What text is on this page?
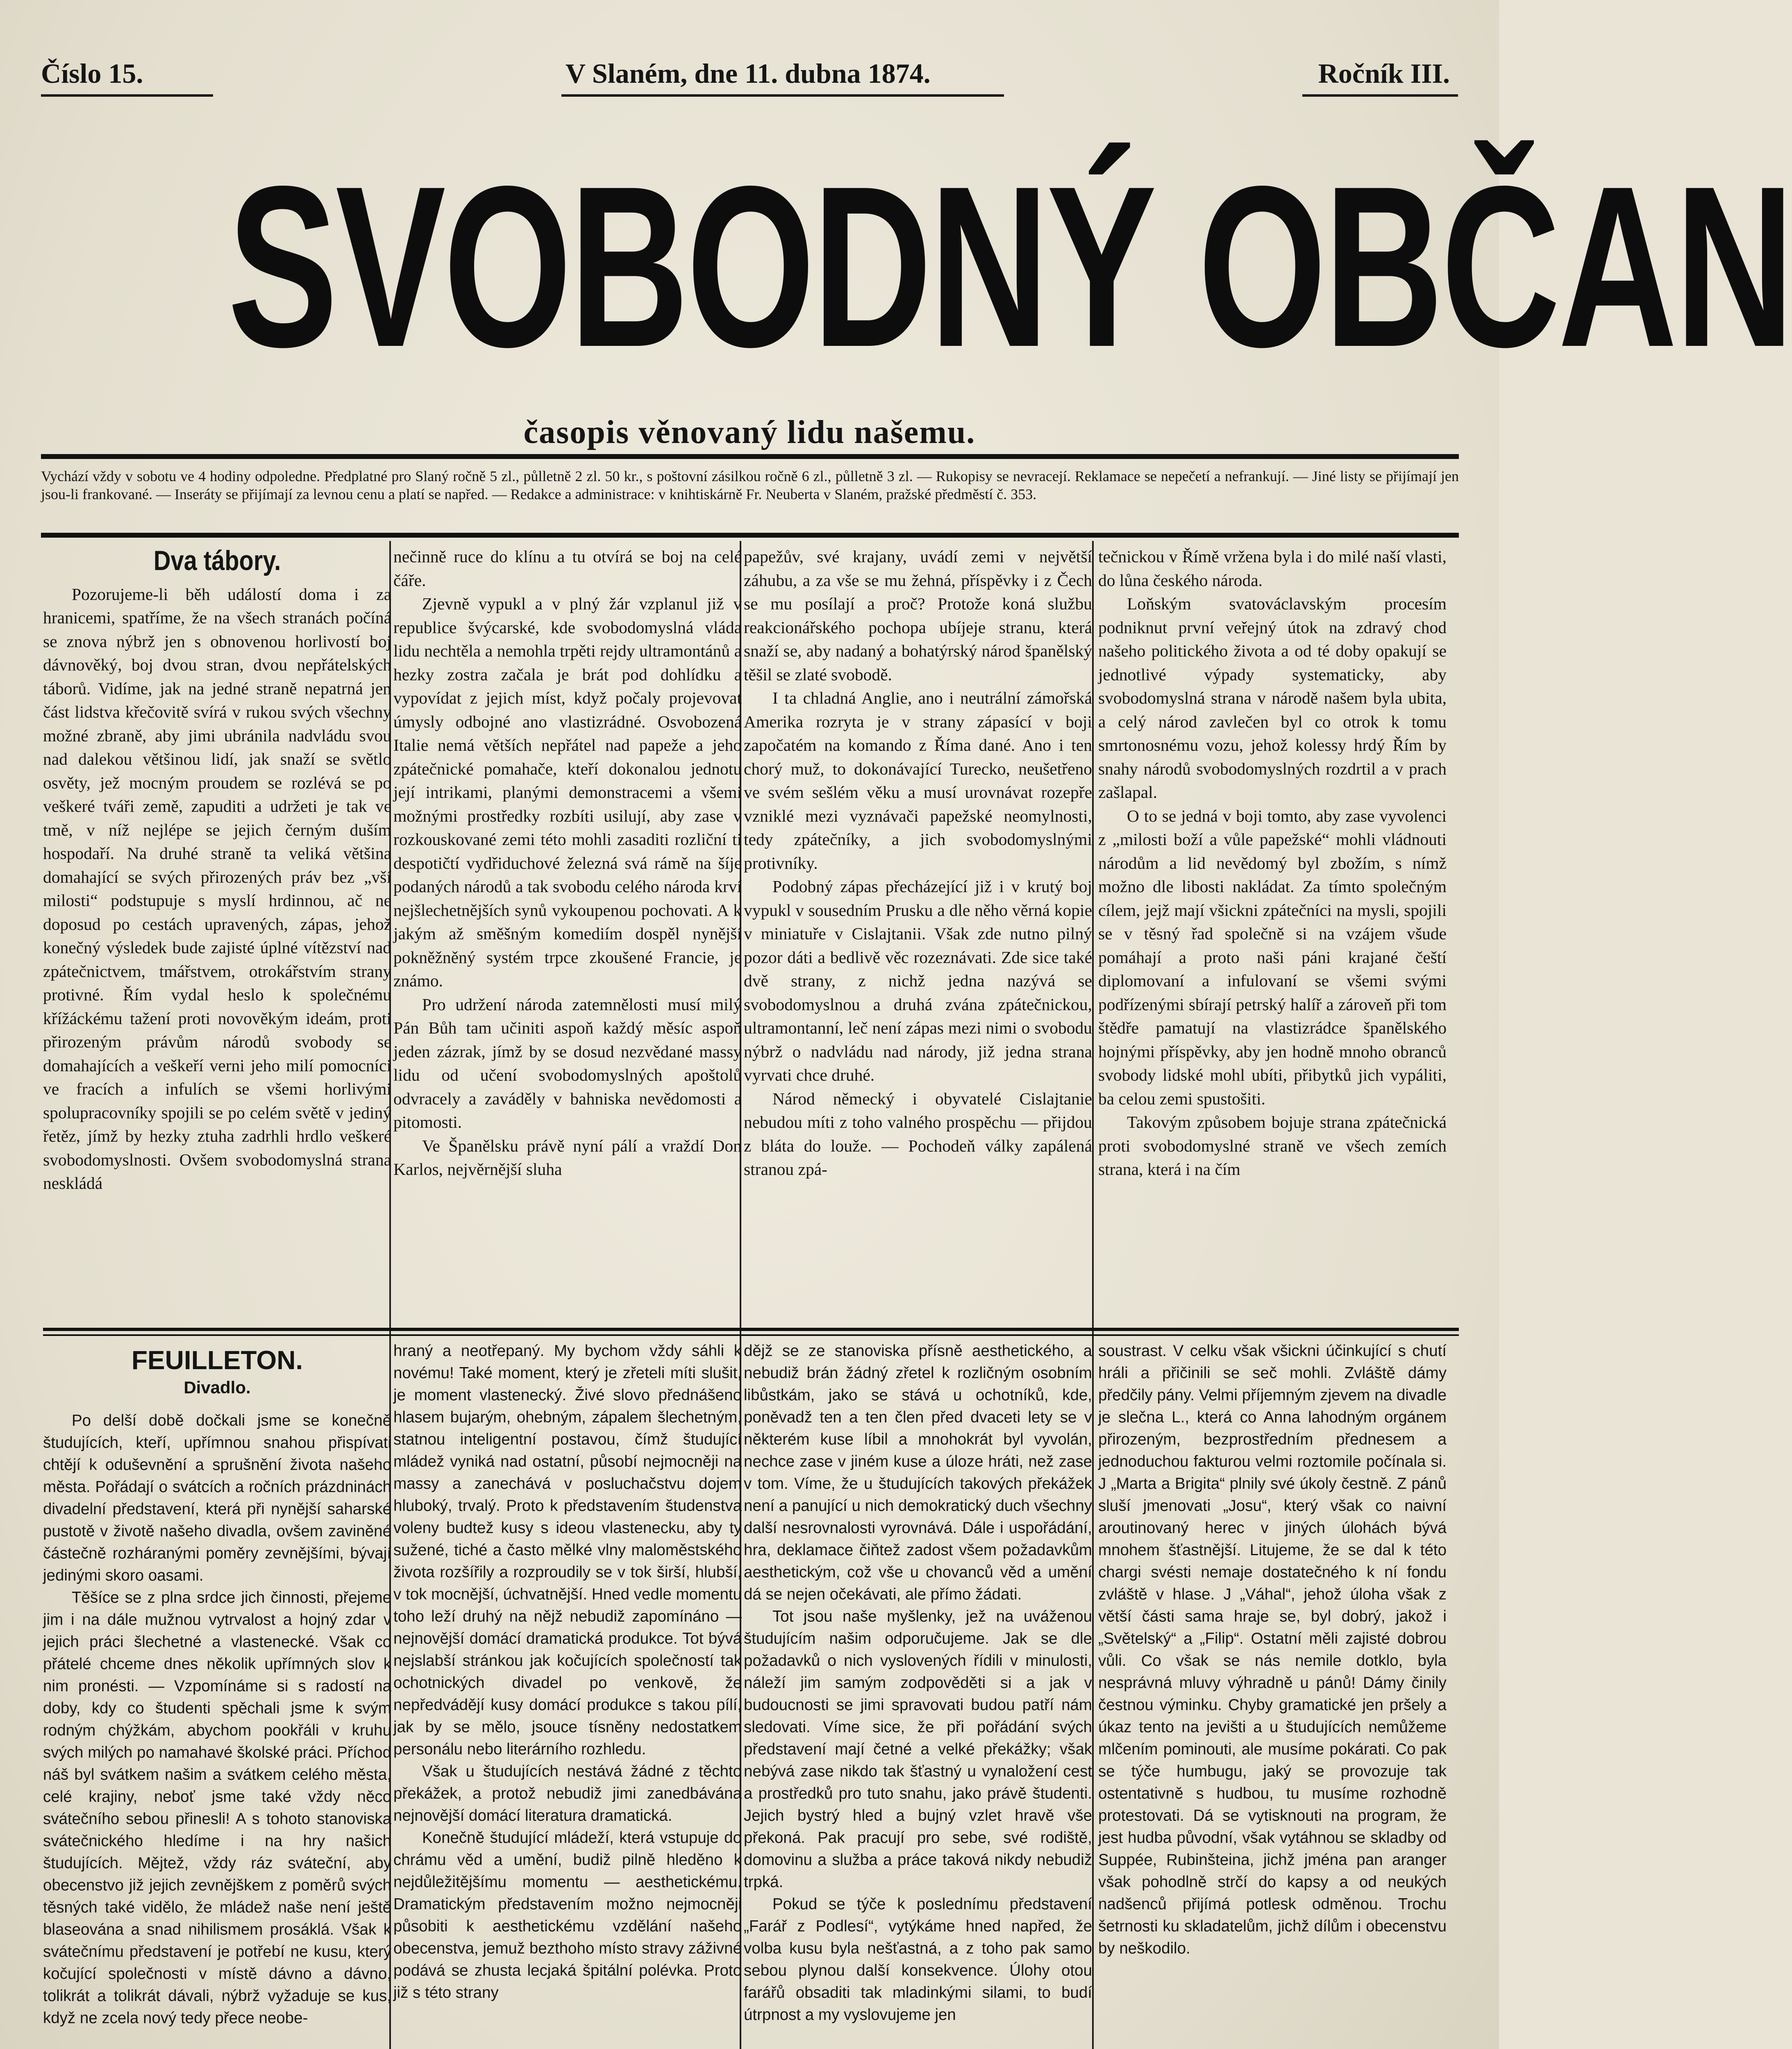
Číslo 15.	V Slaném, dne 11. dubna 1874.	Ročník III.
SVOBODNÝ OBČAN
časopis věnovaný lidu našemu.
Vychází vždy v sobotu ve 4 hodiny odpoledne. Předplatné pro Slaný ročně 5 zl., půlletně 2 zl. 50 kr., s poštovní zásilkou ročně 6 zl., půlletně 3 zl. — Rukopisy se nevracejí. Reklamace se nepečetí a nefrankují. — Jiné listy se přijímají jen jsou-li frankované. — Inseráty se přijímají za levnou cenu a platí se napřed. — Redakce a administrace: v knihtiskárně Fr. Neuberta v Slaném, pražské předměstí č. 353.
Dva tábory.

Pozorujeme-li běh událostí doma i za hranicemi, spatříme, že na všech stranách počíná se znova nýbrž jen s obnovenou horlivostí boj dávnověký, boj dvou stran, dvou nepřátelských táborů. Vidíme, jak na jedné straně nepatrná jen část lidstva křečovitě svírá v rukou svých všechny možné zbraně, aby jimi ubránila nadvládu svou nad dalekou většinou lidí, jak snaží se světlo osvěty, jež mocným proudem se rozlévá se po veškeré tváři země, zapuditi a udržeti je tak ve tmě, v níž nejlépe se jejich černým duším hospodaří. Na druhé straně ta veliká většina domahající se svých přirozených práv bez „vší milosti“ podstupuje s myslí hrdinnou, ač ne doposud po cestách upravených, zápas, jehož konečný výsledek bude zajisté úplné vítězství nad zpátečnictvem, tmářstvem, otrokářstvím strany protivné. Řím vydal heslo k společnému křížáckému tažení proti novověkým ideám, proti přirozeným právům národů svobody se domahajících a veškeří verni jeho milí pomocníci ve fracích a infulích se všemi horlivými spolupracovníky spojili se po celém světě v jediný řetěz, jímž by hezky ztuha zadrhli hrdlo veškeré svobodomyslnosti. Ovšem svobodomyslná strana neskládá

nečinně ruce do klínu a tu otvírá se boj na celé čáře.

Zjevně vypukl a v plný žár vzplanul již v republice švýcarské, kde svobodomyslná vláda lidu nechtěla a nemohla trpěti rejdy ultramontánů a hezky zostra začala je brát pod dohlídku a vypovídat z jejich míst, když počaly projevovat úmysly odbojné ano vlastizrádné. Osvobozená Italie nemá větších nepřátel nad papeže a jeho zpátečnické pomahače, kteří dokonalou jednotu její intrikami, planými demonstracemi a všemi možnými prostředky rozbíti usilují, aby zase v rozkouskované zemi této mohli zasaditi rozliční ti despotičtí vydřiduchové železná svá rámě na šíje podaných národů a tak svobodu celého národa krví nejšlechetnějších synů vykoupenou pochovati. A k jakým až směšným komediím dospěl nynější pokněžněný systém trpce zkoušené Francie, je známo.

Pro udržení národa zatemnělosti musí milý Pán Bůh tam učiniti aspoň každý měsíc aspoň jeden zázrak, jímž by se dosud nezvědané massy lidu od učení svobodomyslných apoštolů odvracely a zaváděly v bahniska nevědomosti a pitomosti.

Ve Španělsku právě nyní pálí a vraždí Don Karlos, nejvěrnější sluha

papežův, své krajany, uvádí zemi v největší záhubu, a za vše se mu žehná, příspěvky i z Čech se mu posílají a proč? Protože koná službu reakcionářského pochopa ubíjeje stranu, která snaží se, aby nadaný a bohatýrský národ španělský těšil se zlaté svobodě.

I ta chladná Anglie, ano i neutrální zámořská Amerika rozryta je v strany zápasící v boji započatém na komando z Říma dané. Ano i ten chorý muž, to dokonávající Turecko, neušetřeno ve svém sešlém věku a musí urovnávat rozepře vzniklé mezi vyznávači papežské neomylnosti, tedy zpátečníky, a jich svobodomyslnými protivníky.

Podobný zápas přecházející již i v krutý boj vypukl v sousedním Prusku a dle něho věrná kopie v miniatuře v Cislajtanii. Však zde nutno pilný pozor dáti a bedlivě věc rozeznávati. Zde sice také dvě strany, z nichž jedna nazývá se svobodomyslnou a druhá zvána zpátečnickou, ultramontanní, leč není zápas mezi nimi o svobodu nýbrž o nadvládu nad národy, již jedna strana vyrvati chce druhé.

Národ německý i obyvatelé Cislajtanie nebudou míti z toho valného prospěchu — přijdou z bláta do louže. — Pochodeň války zapálená stranou zpá-

tečnickou v Římě vržena byla i do milé naší vlasti, do lůna českého národa.

Loňským svatováclavským procesím podniknut první veřejný útok na zdravý chod našeho politického života a od té doby opakují se jednotlivé výpady systematicky, aby svobodomyslná strana v národě našem byla ubita, a celý národ zavlečen byl co otrok k tomu smrtonosnému vozu, jehož kolessy hrdý Řím by snahy národů svobodomyslných rozdrtil a v prach zašlapal.

O to se jedná v boji tomto, aby zase vyvolenci z „milosti boží a vůle papežské“ mohli vládnouti národům a lid nevědomý byl zbožím, s nímž možno dle libosti nakládat. Za tímto společným cílem, jejž mají všickni zpátečníci na mysli, spojili se v těsný řad společně si na vzájem všude pomáhají a proto naši páni krajané čeští diplomovaní a infulovaní se všemi svými podřízenými sbírají petrský halíř a zároveň při tom štědře pamatují na vlastizrádce španělského hojnými příspěvky, aby jen hodně mnoho obranců svobody lidské mohl ubíti, přibytků jich vypáliti, ba celou zemi spustošiti.

Takovým způsobem bojuje strana zpátečnická proti svobodomyslné straně ve všech zemích strana, která i na čím

FEUILLETON.
Divadlo.

Po delší době dočkali jsme se konečně študujících, kteří, upřímnou snahou přispívati chtějí k oduševnění a sprušnění života našeho města. Pořádají o svátcích a ročních prázdninách divadelní představení, která při nynější saharské pustotě v životě našeho divadla, ovšem zaviněné částečně rozháranými poměry zevnějšími, bývají jedinými skoro oasami.

Těšíce se z plna srdce jich činnosti, přejeme jim i na dále mužnou vytrvalost a hojný zdar v jejich práci šlechetné a vlastenecké. Však co přátelé chceme dnes několik upřímných slov k nim pronésti. — Vzpomínáme si s radostí na doby, kdy co študenti spěchali jsme k svým rodným chýžkám, abychom pookřáli v kruhu svých milých po namahavé školské práci. Příchod náš byl svátkem našim a svátkem celého města, celé krajiny, neboť jsme také vždy něco svátečního sebou přinesli! A s tohoto stanoviska svátečnického hledíme i na hry našich študujících. Mějtež, vždy ráz sváteční, aby obecenstvo již jejich zevnějškem z poměrů svých těsných také vidělo, že mládež naše není ještě blaseována a snad nihilismem prosáklá. Však k svátečnímu představení je potřebí ne kusu, který kočující společnosti v místě dávno a dávno, tolikrát a tolikrát dávali, nýbrž vyžaduje se kus, když ne zcela nový tedy přece neobe-

hraný a neotřepaný. My bychom vždy sáhli k novému! Také moment, který je zřeteli míti slušit, je moment vlastenecký. Živé slovo přednášeno hlasem bujarým, ohebným, zápalem šlechetným, statnou inteligentní postavou, čímž študující mládež vyniká nad ostatní, působí nejmocněji na massy a zanechává v posluchačstvu dojem hluboký, trvalý. Proto k představením študenstva voleny budtež kusy s ideou vlastenecku, aby ty sužené, tiché a často mělké vlny maloměstského života rozšířily a rozproudily se v tok širší, hlubší, v tok mocnější, úchvatnější. Hned vedle momentu toho leží druhý na nějž nebudiž zapomínáno — nejnovější domácí dramatická produkce. Tot bývá nejslabší stránkou jak kočujících společností tak ochotnických divadel po venkově, že nepředvádějí kusy domácí produkce s takou pílí, jak by se mělo, jsouce tísněny nedostatkem personálu nebo literárního rozhledu.

Však u študujících nestává žádné z těchto překážek, a protož nebudiž jimi zanedbávána nejnovější domácí literatura dramatická.

Konečně študující mládeží, která vstupuje do chrámu věd a umění, budiž pilně hleděno k nejdůležitějšímu momentu — aesthetickému. Dramatickým představením možno nejmocněji působiti k aesthetickému vzdělání našeho obecenstva, jemuž bezthoho místo stravy záživné podává se zhusta lecjaká špitální polévka. Proto již s této strany

dějž se ze stanoviska přísně aesthetického, a nebudiž brán žádný zřetel k rozličným osobním libůstkám, jako se stává u ochotníků, kde, poněvadž ten a ten člen před dvaceti lety se v některém kuse líbil a mnohokrát byl vyvolán, nechce zase v jiném kuse a úloze hráti, než zase v tom. Víme, že u študujících takových překážek není a panující u nich demokratický duch všechny další nesrovnalosti vyrovnává. Dále i uspořádání, hra, deklamace čiňtež zadost všem požadavkům aesthetickým, což vše u chovanců věd a umění dá se nejen očekávati, ale přímo žádati.

Tot jsou naše myšlenky, jež na uváženou študujícím našim odporučujeme. Jak se dle požadavků o nich vyslovených řídili v minulosti, náleží jim samým zodpověděti si a jak v budoucnosti se jimi spravovati budou patří nám sledovati. Víme sice, že při pořádání svých představení mají četné a velké překážky; však nebývá zase nikdo tak šťastný u vynaložení cest a prostředků pro tuto snahu, jako právě študenti. Jejich bystrý hled a bujný vzlet hravě vše překoná. Pak pracují pro sebe, své rodiště, domovinu a služba a práce taková nikdy nebudiž trpká.

Pokud se týče k poslednímu představení „Farář z Podlesí“, vytýkáme hned napřed, že volba kusu byla nešťastná, a z toho pak samo sebou plynou další konsekvence. Úlohy otou farářů obsaditi tak mladinkými silami, to budí útrpnost a my vyslovujeme jen

soustrast. V celku však všickni účinkující s chutí hráli a přičinili se seč mohli. Zvláště dámy předčily pány. Velmi příjemným zjevem na divadle je slečna L., která co Anna lahodným orgánem přirozeným, bezprostředním přednesem a jednoduchou fakturou velmi roztomile počínala si. J „Marta a Brigita“ plnily své úkoly čestně. Z pánů sluší jmenovati „Josu“, který však co naivní aroutinovaný herec v jiných úlohách bývá mnohem šťastnější. Litujeme, že se dal k této chargi svésti nemaje dostatečného k ní fondu zvláště v hlase. J „Váhal“, jehož úloha však z větší části sama hraje se, byl dobrý, jakož i „Světelský“ a „Filip“. Ostatní měli zajisté dobrou vůli. Co však se nás nemile dotklo, byla nesprávná mluvy výhradně u pánů! Dámy činily čestnou výminku. Chyby gramatické jen pršely a úkaz tento na jevišti a u študujících nemůžeme mlčením pominouti, ale musíme pokárati. Co pak se týče humbugu, jaký se provozuje tak ostentativně s hudbou, tu musíme rozhodně protestovati. Dá se vytisknouti na program, že jest hudba původní, však vytáhnou se skladby od Suppée, Rubinšteina, jichž jména pan aranger však pohodlně strčí do kapsy a od neukých nadšenců přijímá potlesk odměnou. Trochu šetrnosti ku skladatelům, jichž dílům i obecenstvu by neškodilo.
